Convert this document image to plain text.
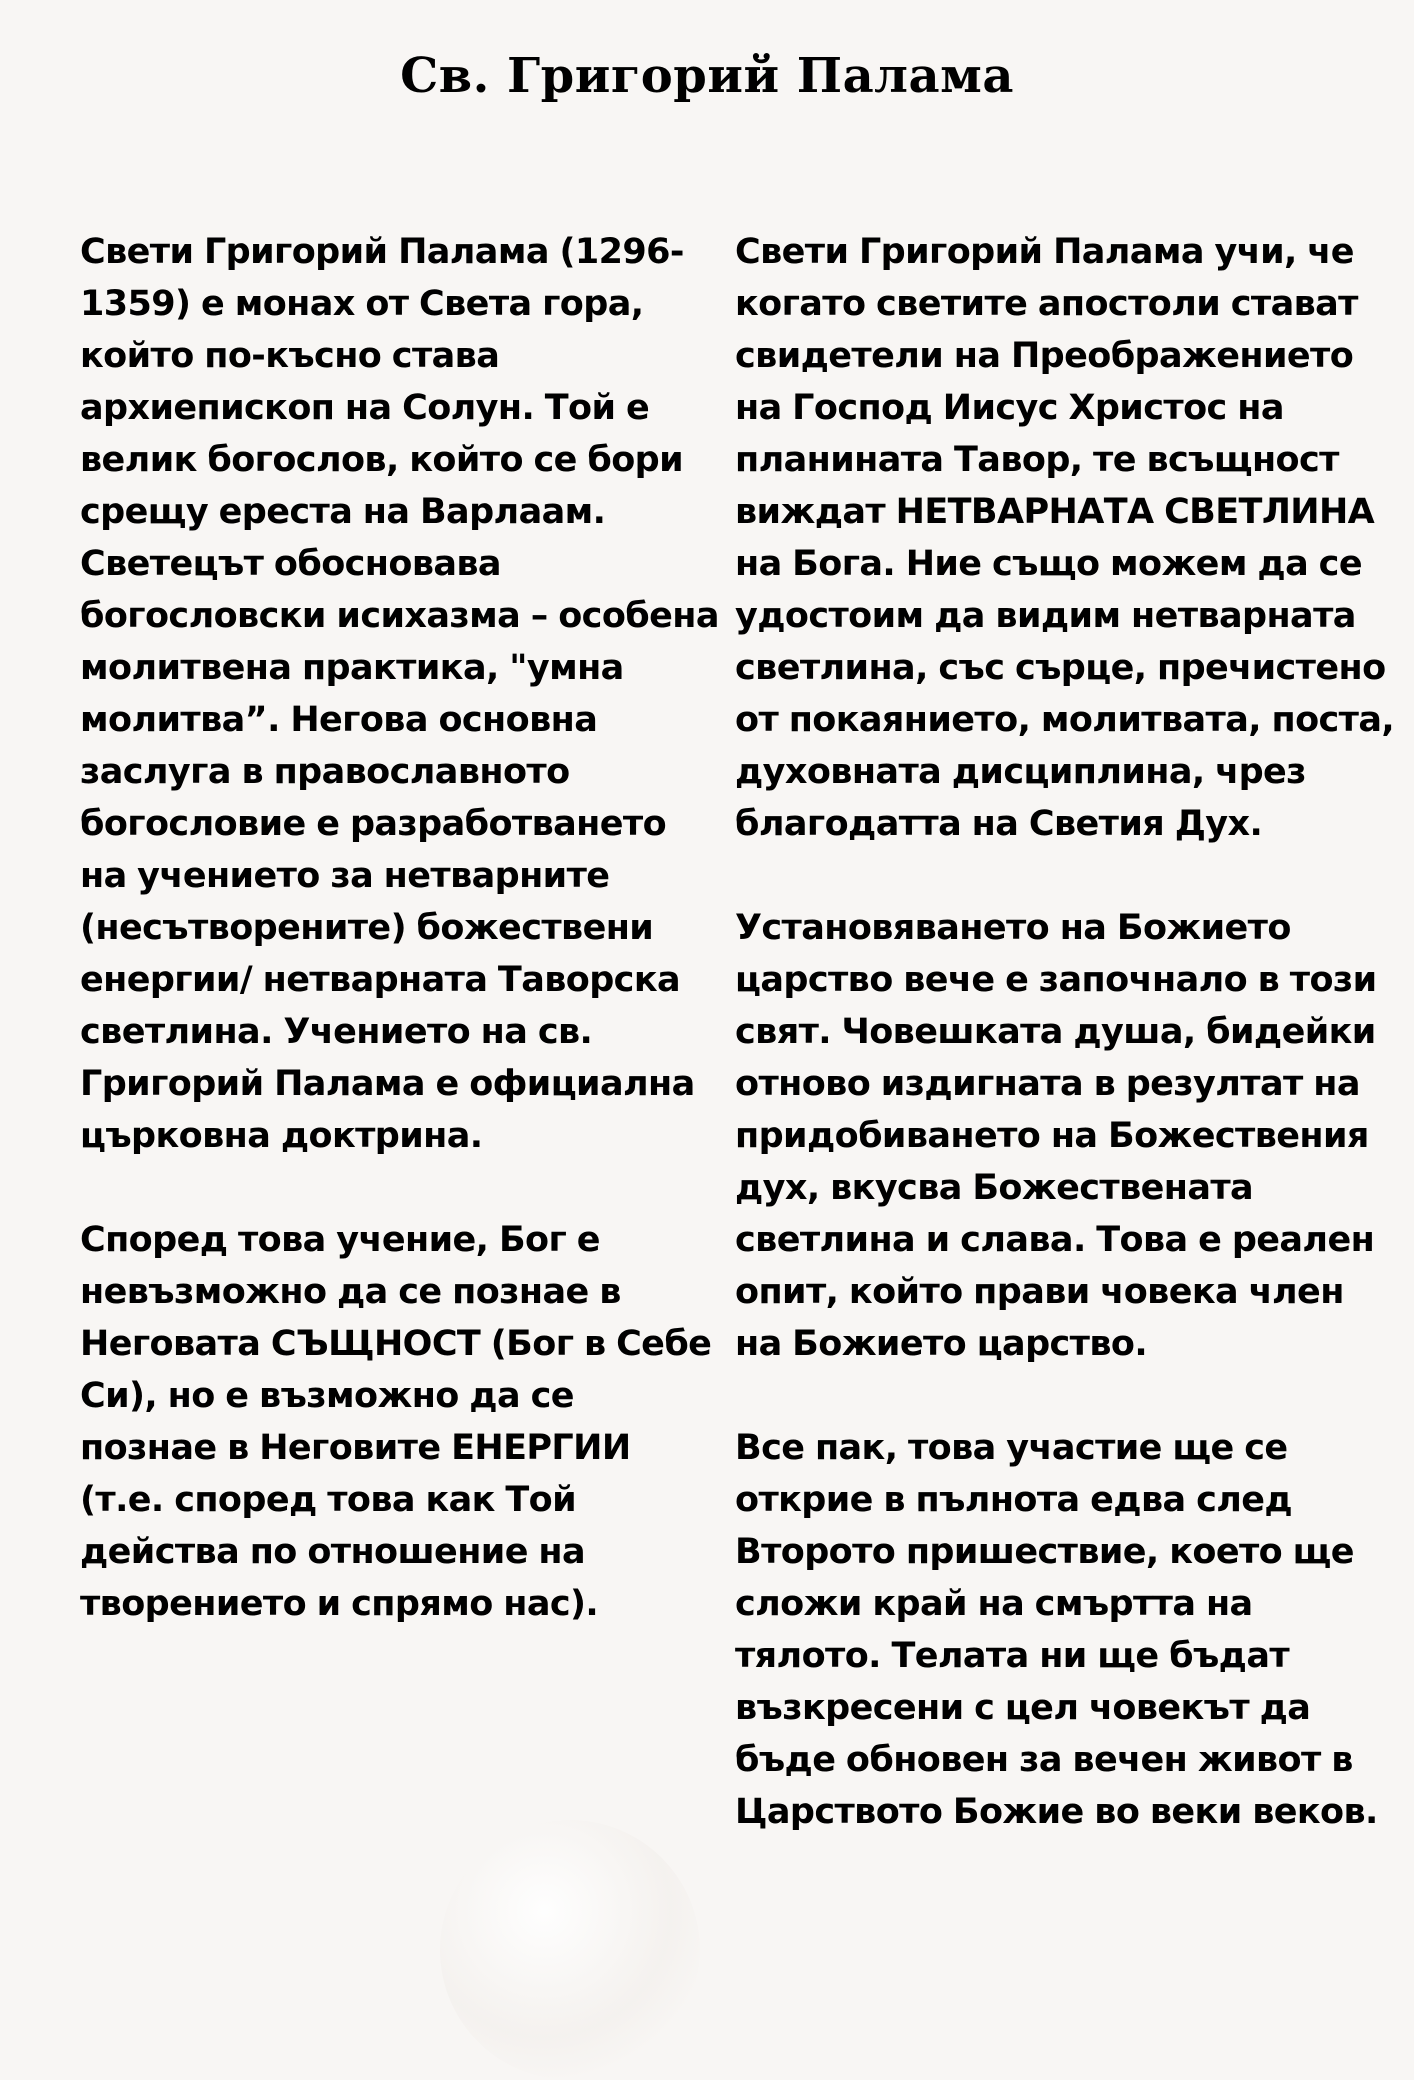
Св. Григорий Палама

Свети Григорий Палама (1296-1359) е монах от Света гора, който по-късно става архиепископ на Солун. Той е велик богослов, който се бори срещу ереста на Варлаам. Светецът обосновава богословски исихазма – особена молитвена практика, "умна молитва”. Негова основна заслуга в православното богословие е разработването на учението за нетварните (несътворените) божествени енергии/ нетварната Таворска светлина. Учението на св. Григорий Палама е официална църковна доктрина.

Според това учение, Бог е невъзможно да се познае в Неговата СЪЩНОСТ (Бог в Себе Си), но е възможно да се познае в Неговите ЕНЕРГИИ (т.е. според това как Той действа по отношение на творението и спрямо нас).

Свети Григорий Палама учи, че когато светите апостоли стават свидетели на Преображението на Господ Иисус Христос на планината Тавор, те всъщност виждат НЕТВАРНАТА СВЕТЛИНА на Бога. Ние също можем да се удостоим да видим нетварната светлина, със сърце, пречистено от покаянието, молитвата, поста, духовната дисциплина, чрез благодатта на Светия Дух.

Установяването на Божието царство вече е започнало в този свят. Човешката душа, бидейки отново издигната в резултат на придобиването на Божествения дух, вкусва Божествената светлина и слава. Това е реален опит, който прави човека член на Божието царство.

Все пак, това участие ще се открие в пълнота едва след Второто пришествие, което ще сложи край на смъртта на тялото. Телата ни ще бъдат възкресени с цел човекът да бъде обновен за вечен живот в Царството Божие во веки веков.
